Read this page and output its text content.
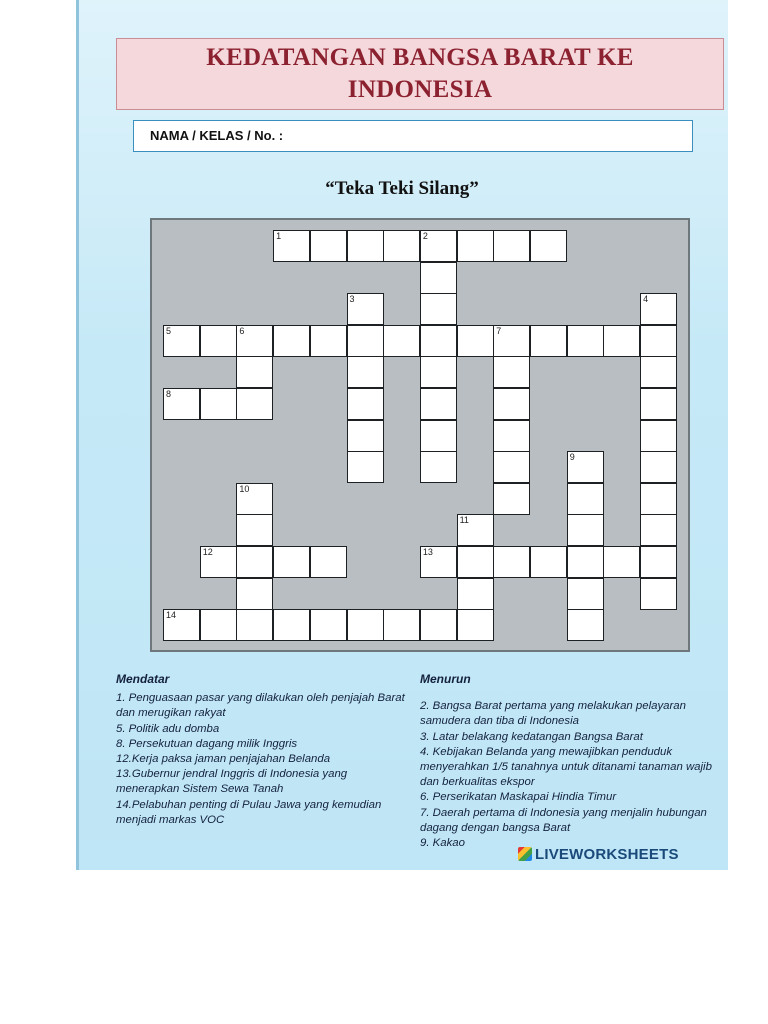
KEDATANGAN BANGSA BARAT KE
INDONESIA
NAMA / KELAS / No. :
“Teka Teki Silang”
1	2
3	4
5	6	7
8
9
10
11
12	13
14
Mendatar
1. Penguasaan pasar yang dilakukan oleh penjajah Barat dan merugikan rakyat
5. Politik adu domba
8. Persekutuan dagang milik Inggris
12.Kerja paksa jaman penjajahan Belanda
13.Gubernur jendral Inggris di Indonesia yang menerapkan Sistem Sewa Tanah
14.Pelabuhan penting di Pulau Jawa yang kemudian menjadi markas VOC
Menurun
2. Bangsa Barat pertama yang melakukan pelayaran samudera dan tiba di Indonesia
3. Latar belakang kedatangan Bangsa Barat
4. Kebijakan Belanda yang mewajibkan penduduk menyerahkan 1/5 tanahnya untuk ditanami tanaman wajib dan berkualitas ekspor
6. Perserikatan Maskapai Hindia Timur
7. Daerah pertama di Indonesia yang menjalin hubungan dagang dengan bangsa Barat
9. Kakao
LIVEWORKSHEETS
